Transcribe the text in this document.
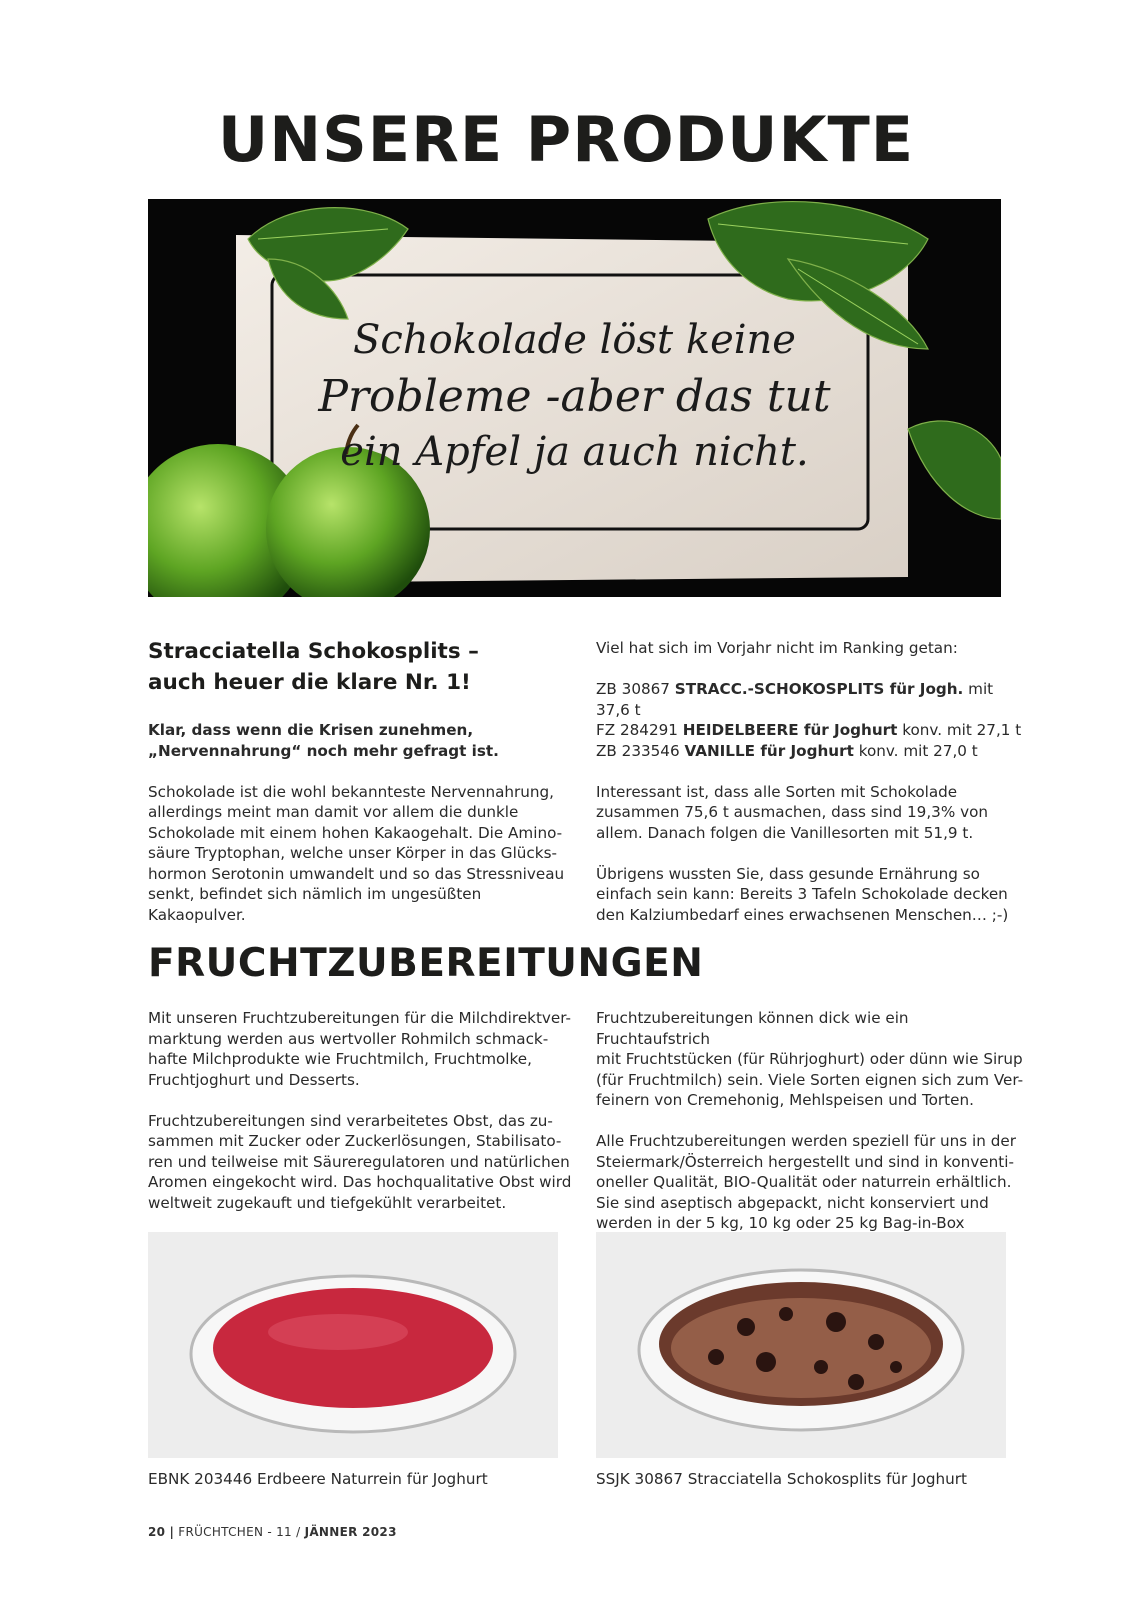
UNSERE PRODUKTE
Schokolade löst keine
Probleme -aber das tut
ein Apfel ja auch nicht.
Stracciatella Schokosplits –
auch heuer die klare Nr. 1!

Klar, dass wenn die Krisen zunehmen,
„Nervennahrung“ noch mehr gefragt ist.

Schokolade ist die wohl bekannteste Nervennahrung,
allerdings meint man damit vor allem die dunkle
Schokolade mit einem hohen Kakaogehalt. Die Amino-
säure Tryptophan, welche unser Körper in das Glücks-
hormon Serotonin umwandelt und so das Stressniveau
senkt, befindet sich nämlich im ungesüßten Kakaopulver.

Viel hat sich im Vorjahr nicht im Ranking getan:

ZB 30867 STRACC.-SCHOKOSPLITS für Jogh. mit 37,6 t
FZ 284291 HEIDELBEERE für Joghurt konv. mit 27,1 t
ZB 233546 VANILLE für Joghurt konv. mit 27,0 t

Interessant ist, dass alle Sorten mit Schokolade
zusammen 75,6 t ausmachen, dass sind 19,3% von
allem. Danach folgen die Vanillesorten mit 51,9 t.

Übrigens wussten Sie, dass gesunde Ernährung so
einfach sein kann: Bereits 3 Tafeln Schokolade decken
den Kalziumbedarf eines erwachsenen Menschen… ;-)

FRUCHTZUBEREITUNGEN

Mit unseren Fruchtzubereitungen für die Milchdirektver-
marktung werden aus wertvoller Rohmilch schmack-
hafte Milchprodukte wie Fruchtmilch, Fruchtmolke,
Fruchtjoghurt und Desserts.

Fruchtzubereitungen sind verarbeitetes Obst, das zu-
sammen mit Zucker oder Zuckerlösungen, Stabilisato-
ren und teilweise mit Säureregulatoren und natürlichen
Aromen eingekocht wird. Das hochqualitative Obst wird
weltweit zugekauft und tiefgekühlt verarbeitet.

Fruchtzubereitungen können dick wie ein Fruchtaufstrich
mit Fruchtstücken (für Rührjoghurt) oder dünn wie Sirup
(für Fruchtmilch) sein. Viele Sorten eignen sich zum Ver-
feinern von Cremehonig, Mehlspeisen und Torten.

Alle Fruchtzubereitungen werden speziell für uns in der
Steiermark/Österreich hergestellt und sind in konventi-
oneller Qualität, BIO-Qualität oder naturrein erhältlich.
Sie sind aseptisch abgepackt, nicht konserviert und
werden in der 5 kg, 10 kg oder 25 kg Bag-in-Box

EBNK 203446 Erdbeere Naturrein für Joghurt	SSJK 30867 Stracciatella Schokosplits für Joghurt
20 | FRÜCHTCHEN - 11 / JÄNNER 2023
